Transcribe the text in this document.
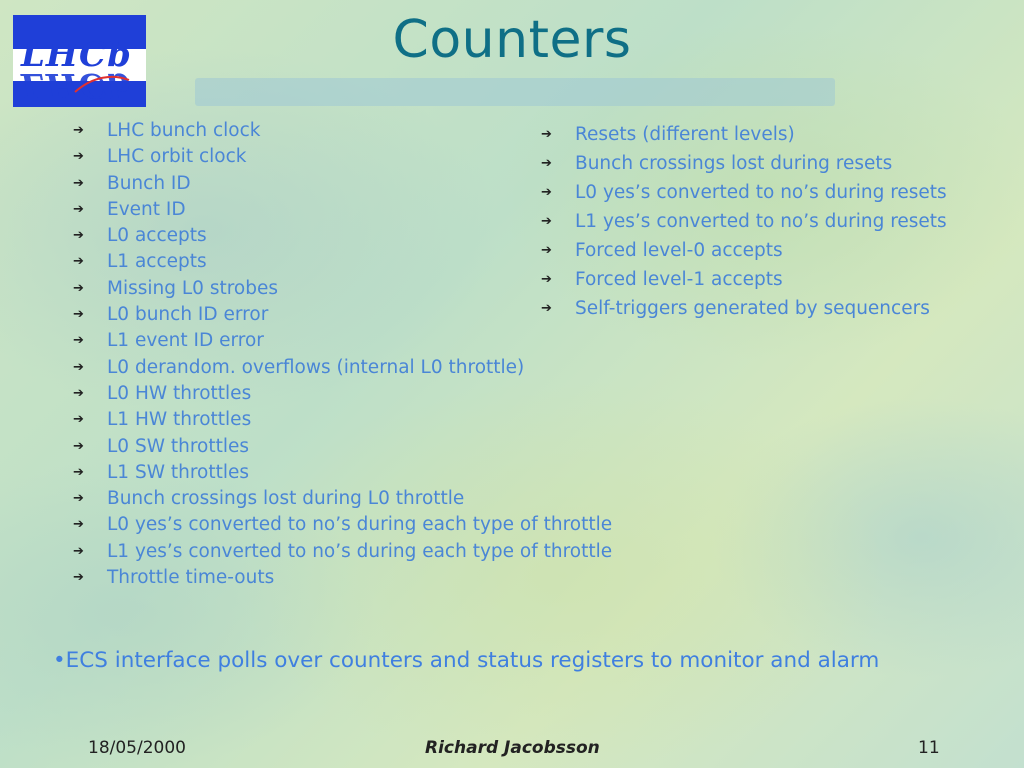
LHCb
LHCb
Counters
➔ LHC bunch clock
➔ LHC orbit clock
➔ Bunch ID
➔ Event ID
➔ L0 accepts
➔ L1 accepts
➔ Missing L0 strobes
➔ L0 bunch ID error
➔ L1 event ID error
➔ L0 derandom. overflows (internal L0 throttle)
➔ L0 HW throttles
➔ L1 HW throttles
➔ L0 SW throttles
➔ L1 SW throttles
➔ Bunch crossings lost during L0 throttle
➔ L0 yes’s converted to no’s during each type of throttle
➔ L1 yes’s converted to no’s during each type of throttle
➔ Throttle time-outs
➔ Resets (different levels)
➔ Bunch crossings lost during resets
➔ L0 yes’s converted to no’s during resets
➔ L1 yes’s converted to no’s during resets
➔ Forced level-0 accepts
➔ Forced level-1 accepts
➔ Self-triggers generated by sequencers
•ECS interface polls over counters and status registers to monitor and alarm
18/05/2000	Richard Jacobsson	11
